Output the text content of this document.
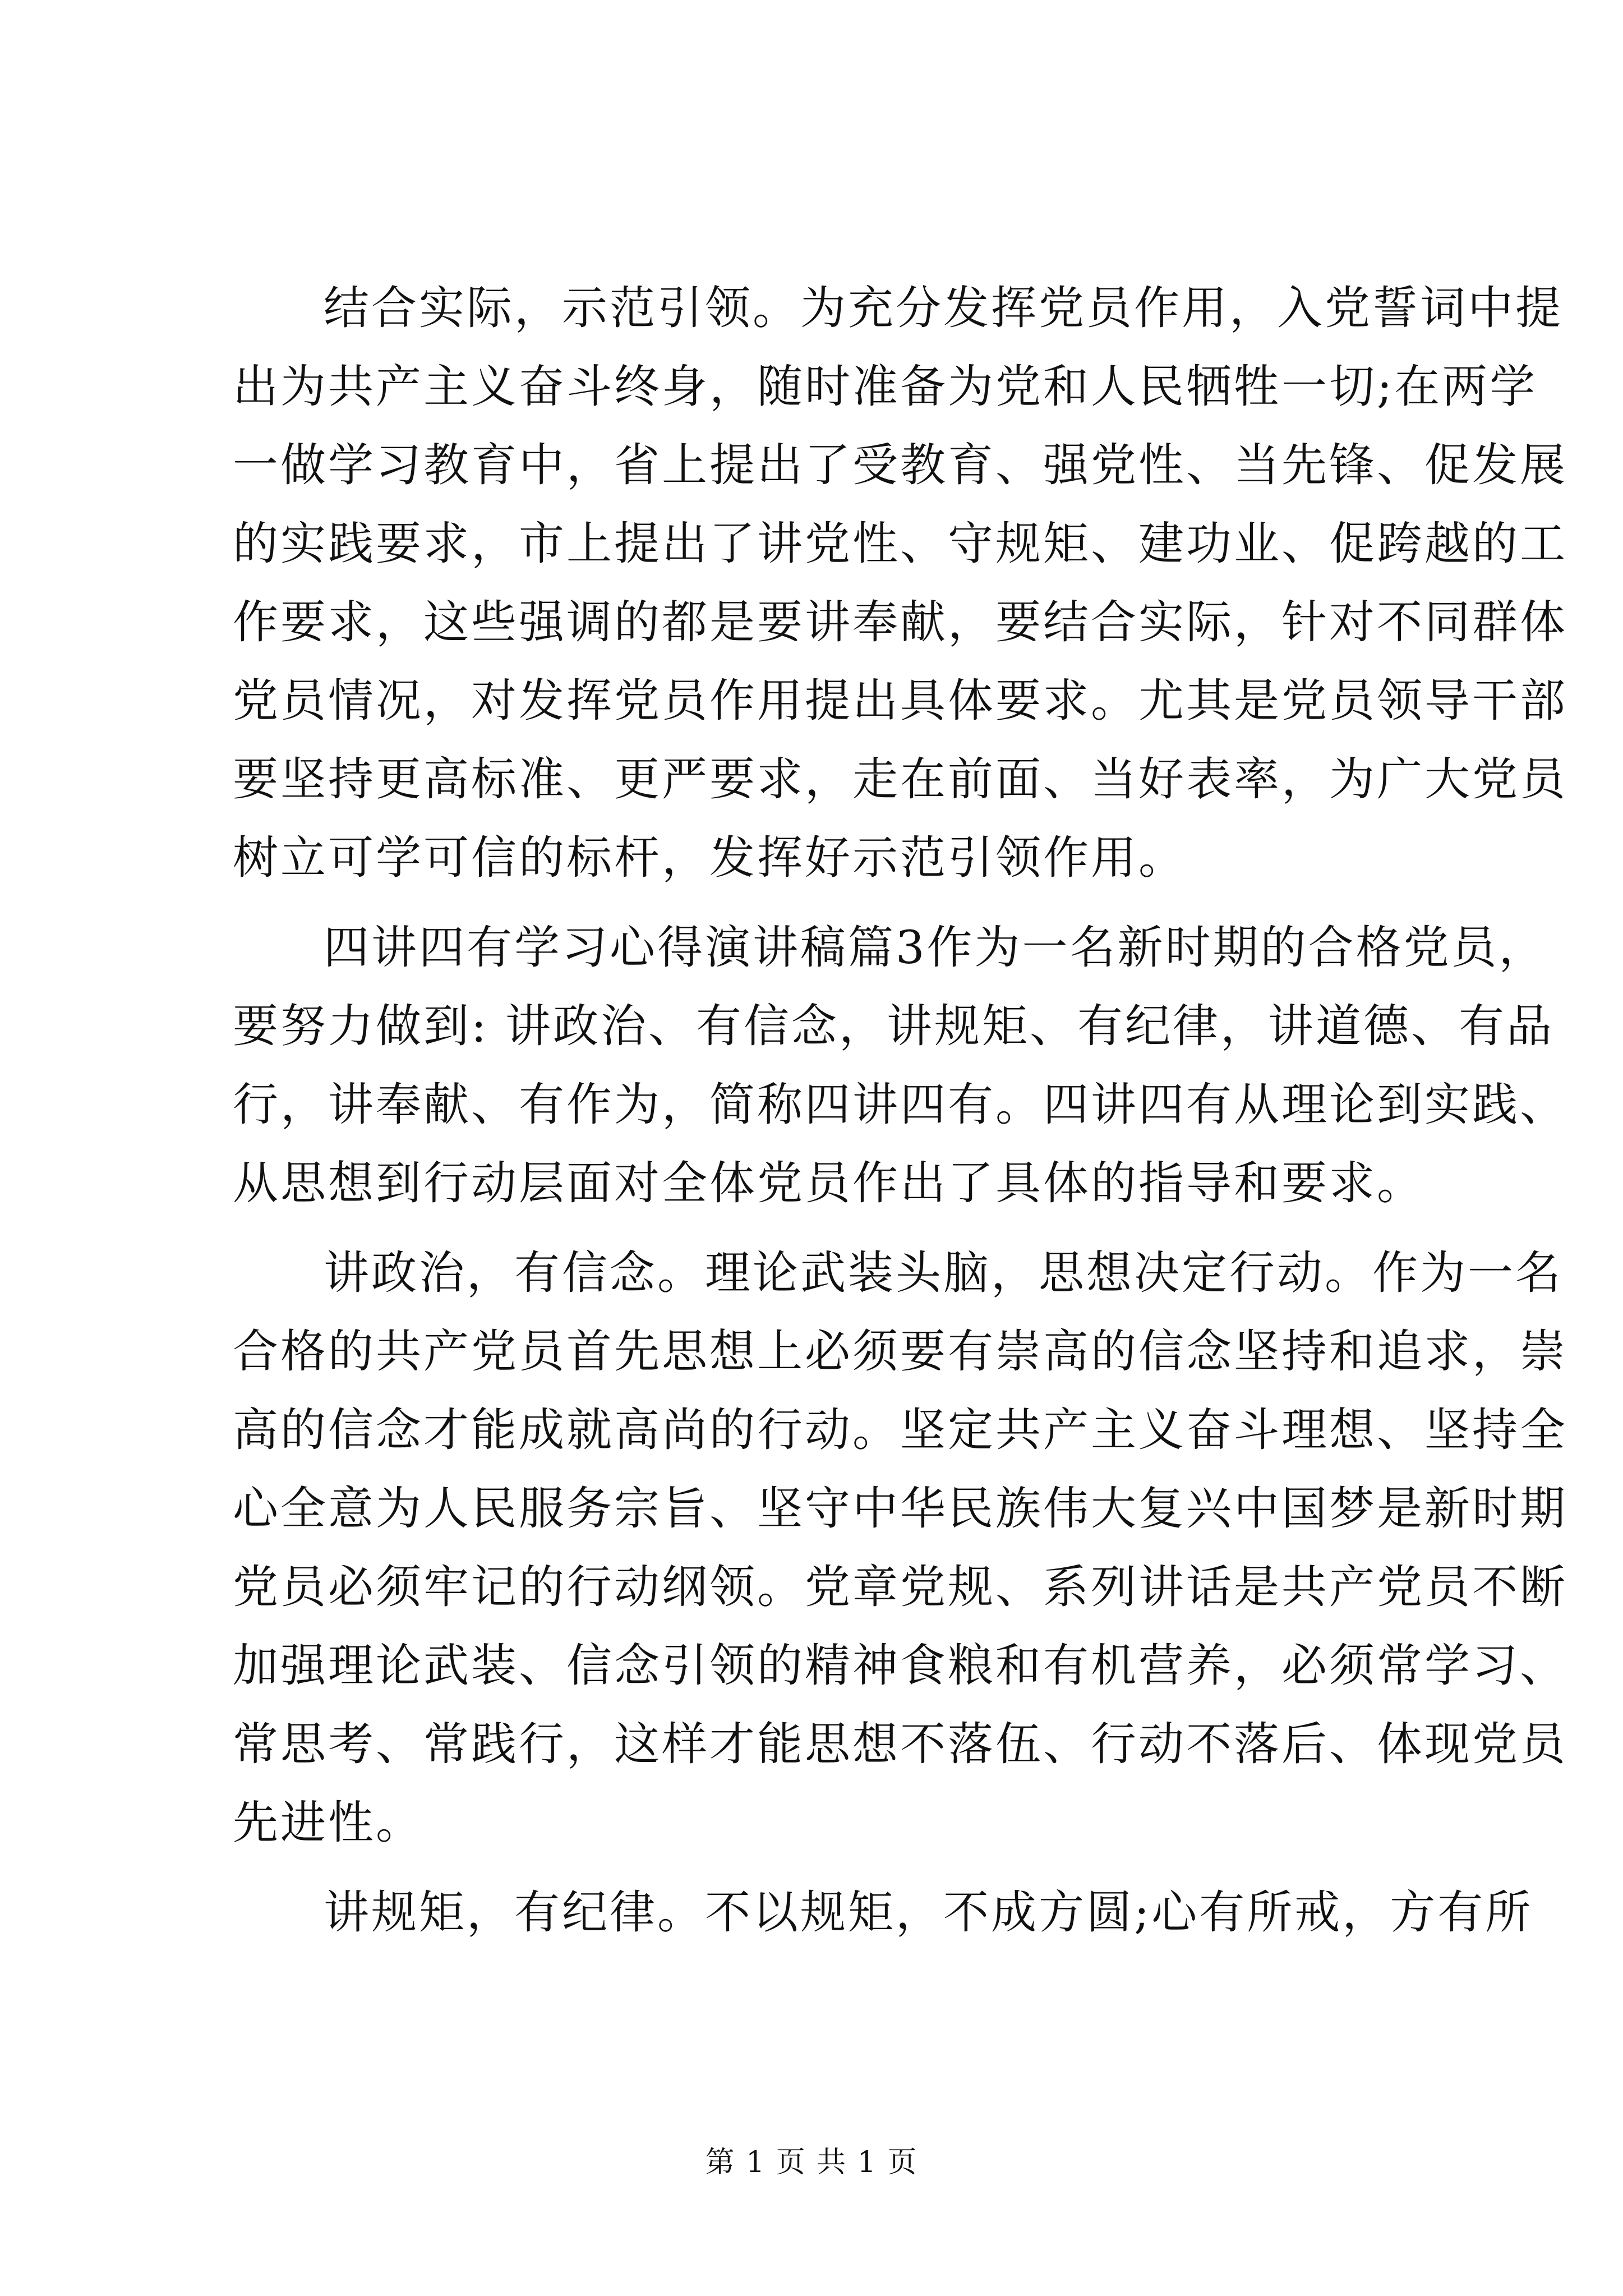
结合实际，示范引领。为充分发挥党员作用，入党誓词中提
出为共产主义奋斗终身，随时准备为党和人民牺牲一切;在两学
一做学习教育中，省上提出了受教育、强党性、当先锋、促发展
的实践要求，市上提出了讲党性、守规矩、建功业、促跨越的工
作要求，这些强调的都是要讲奉献，要结合实际，针对不同群体
党员情况，对发挥党员作用提出具体要求。尤其是党员领导干部
要坚持更高标准、更严要求，走在前面、当好表率，为广大党员
树立可学可信的标杆，发挥好示范引领作用。
四讲四有学习心得演讲稿篇3作为一名新时期的合格党员，
要努力做到: 讲政治、有信念，讲规矩、有纪律，讲道德、有品
行，讲奉献、有作为，简称四讲四有。四讲四有从理论到实践、
从思想到行动层面对全体党员作出了具体的指导和要求。
讲政治，有信念。理论武装头脑，思想决定行动。作为一名
合格的共产党员首先思想上必须要有崇高的信念坚持和追求，崇
高的信念才能成就高尚的行动。坚定共产主义奋斗理想、坚持全
心全意为人民服务宗旨、坚守中华民族伟大复兴中国梦是新时期
党员必须牢记的行动纲领。党章党规、系列讲话是共产党员不断
加强理论武装、信念引领的精神食粮和有机营养，必须常学习、
常思考、常践行，这样才能思想不落伍、行动不落后、体现党员
先进性。
讲规矩，有纪律。不以规矩，不成方圆;心有所戒，方有所
第 1 页 共 1 页
